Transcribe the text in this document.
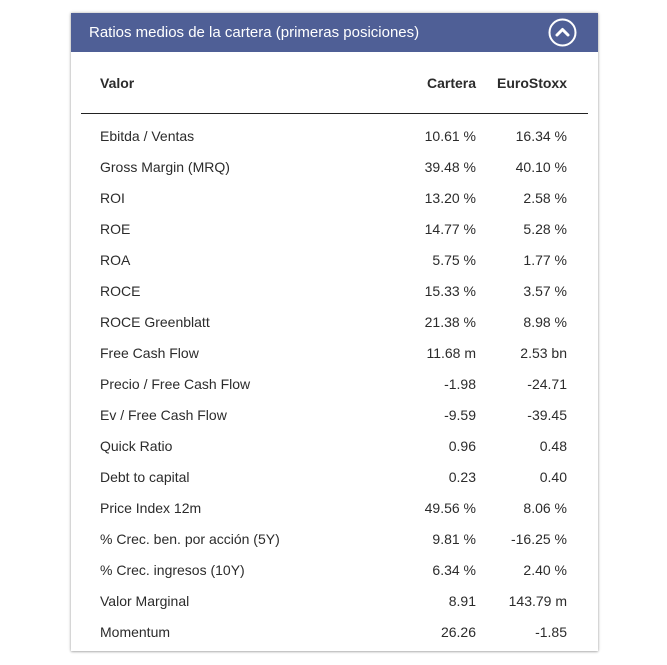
Ratios medios de la cartera (primeras posiciones)
Valor	Cartera EuroStoxx
Ebitda / Ventas	10.61 %	16.34 %
Gross Margin (MRQ)	39.48 %	40.10 %
ROI	13.20 %	2.58 %
ROE	14.77 %	5.28 %
ROA	5.75 %	1.77 %
ROCE	15.33 %	3.57 %
ROCE Greenblatt	21.38 %	8.98 %
Free Cash Flow	11.68 m	2.53 bn
Precio / Free Cash Flow	-1.98	-24.71
Ev / Free Cash Flow	-9.59	-39.45
Quick Ratio	0.96	0.48
Debt to capital	0.23	0.40
Price Index 12m	49.56 %	8.06 %
% Crec. ben. por acción (5Y)	9.81 % -16.25 %
% Crec. ingresos (10Y)	6.34 %	2.40 %
Valor Marginal	8.91 143.79 m
Momentum	26.26	-1.85
